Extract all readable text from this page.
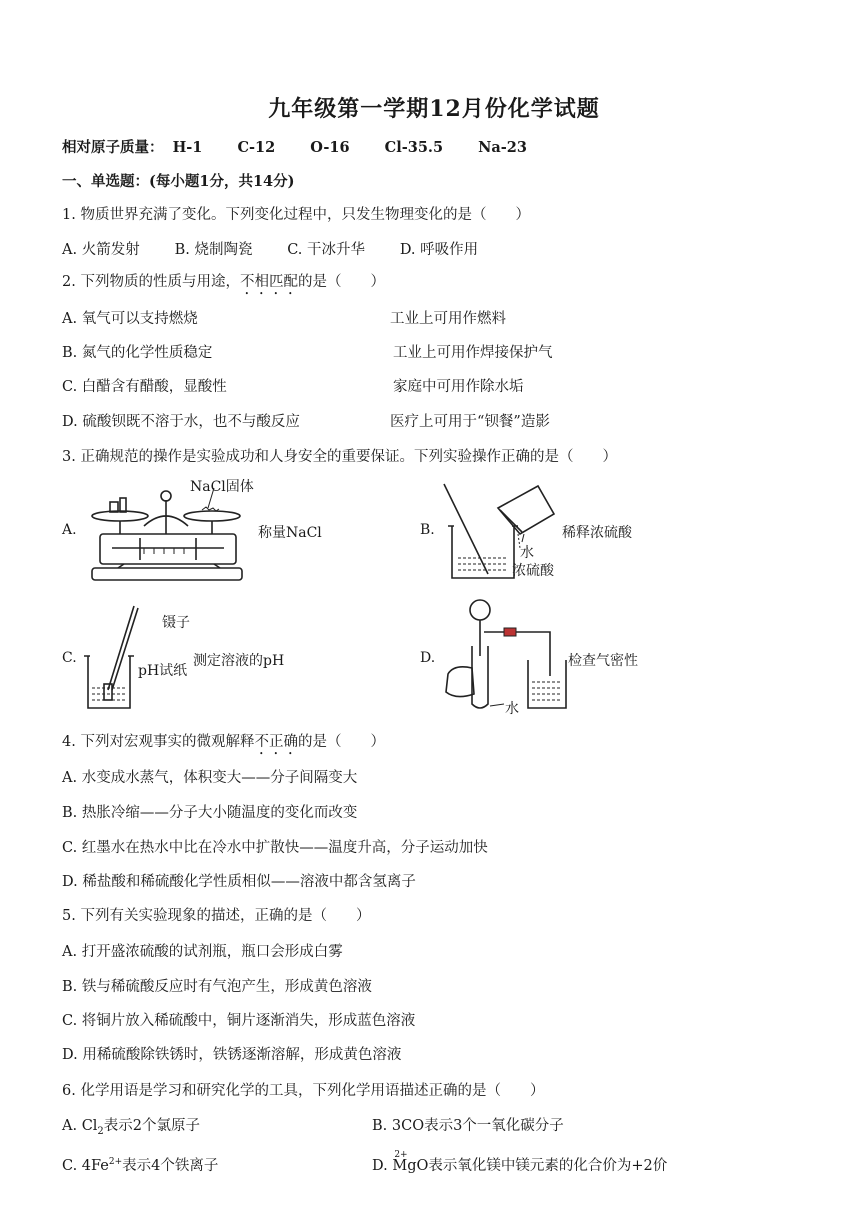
九年级第一学期12月份化学试题
相对原子质量： H-1 C-12 O-16 Cl-35.5 Na-23
一、单选题：(每小题1分，共14分)
1. 物质世界充满了变化。下列变化过程中，只发生物理变化的是（　　）
A. 火箭发射 B. 烧制陶瓷 C. 干冰升华 D. 呼吸作用
2. 下列物质的性质与用途，不相匹配的是（　　）
A. 氧气可以支持燃烧	工业上可用作燃料
B. 氮气的化学性质稳定	工业上可用作焊接保护气
C. 白醋含有醋酸，显酸性	家庭中可用作除水垢
D. 硫酸钡既不溶于水，也不与酸反应	医疗上可用于“钡餐”造影
3. 正确规范的操作是实验成功和人身安全的重要保证。下列实验操作正确的是（　　）
A.
NaCl固体
称量NaCl	B.
水
浓硫酸
稀释浓硫酸
C.
镊子
pH试纸
测定溶液的pH	D.
水
检查气密性
4. 下列对宏观事实的微观解释不正确的是（　　）
A. 水变成水蒸气，体积变大——分子间隔变大
B. 热胀冷缩——分子大小随温度的变化而改变
C. 红墨水在热水中比在冷水中扩散快——温度升高，分子运动加快
D. 稀盐酸和稀硫酸化学性质相似——溶液中都含氢离子
5. 下列有关实验现象的描述，正确的是（　　）
A. 打开盛浓硫酸的试剂瓶，瓶口会形成白雾
B. 铁与稀硫酸反应时有气泡产生，形成黄色溶液
C. 将铜片放入稀硫酸中，铜片逐渐消失，形成蓝色溶液
D. 用稀硫酸除铁锈时，铁锈逐渐溶解，形成黄色溶液
6. 化学用语是学习和研究化学的工具，下列化学用语描述正确的是（　　）
A. $Cl_2$表示2个氯原子	B. 3CO表示3个一氧化碳分子
C. $4Fe^{2+}$表示4个铁离子	D.
2+
MgO表示氧化镁中镁元素的化合价为+2价
